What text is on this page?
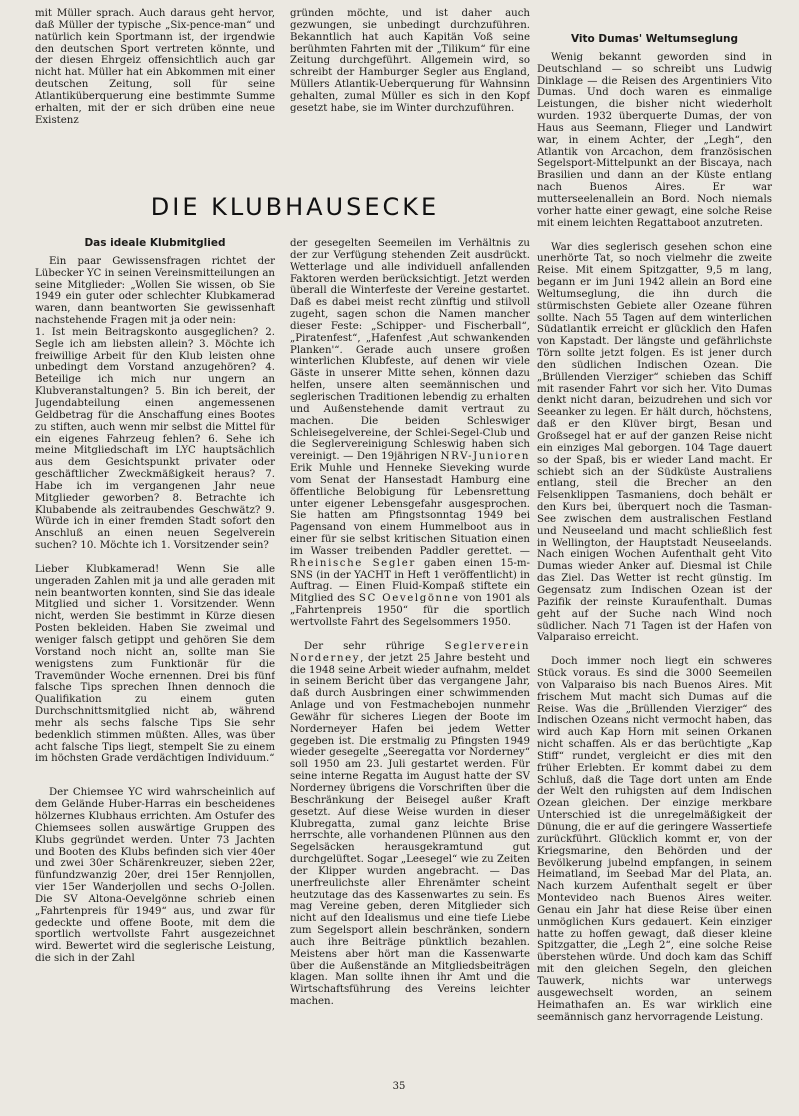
mit Müller sprach. Auch daraus geht hervor, daß Müller der typische „Six-pence-man“ und natürlich kein Sportmann ist, der irgendwie den deutschen Sport vertreten könnte, und der diesen Ehrgeiz offensichtlich auch gar nicht hat. Müller hat ein Abkommen mit einer deutschen Zeitung, soll für seine Atlantiküberquerung eine bestimmte Summe erhalten, mit der er sich drüben eine neue Existenz

gründen möchte, und ist daher auch gezwungen, sie unbedingt durchzuführen. Bekanntlich hat auch Kapitän Voß seine berühmten Fahrten mit der „Tilikum“ für eine Zeitung durchgeführt. Allgemein wird, so schreibt der Hamburger Segler aus England, Müllers Atlantik-Ueberquerung für Wahnsinn gehalten, zumal Müller es sich in den Kopf gesetzt habe, sie im Winter durchzuführen.

DIE KLUBHAUSECKE
Das ideale Klubmitglied

Ein paar Gewissensfragen richtet der Lübecker YC in seinen Vereinsmitteilungen an seine Mitglieder: „Wollen Sie wissen, ob Sie 1949 ein guter oder schlechter Klubkamerad waren, dann beantworten Sie gewissenhaft nachstehende Fragen mit ja oder nein:

1. Ist mein Beitragskonto ausgeglichen? 2. Segle ich am liebsten allein? 3. Möchte ich freiwillige Arbeit für den Klub leisten ohne unbedingt dem Vorstand anzugehören? 4. Beteilige ich mich nur ungern an Klubveranstaltungen? 5. Bin ich bereit, der Jugendabteilung einen angemessenen Geldbetrag für die Anschaffung eines Bootes zu stiften, auch wenn mir selbst die Mittel für ein eigenes Fahrzeug fehlen? 6. Sehe ich meine Mitgliedschaft im LYC hauptsächlich aus dem Gesichtspunkt privater oder geschäftlicher Zweckmäßigkeit heraus? 7. Habe ich im vergangenen Jahr neue Mitglieder geworben? 8. Betrachte ich Klubabende als zeitraubendes Geschwätz? 9. Würde ich in einer fremden Stadt sofort den Anschluß an einen neuen Segelverein suchen? 10. Möchte ich 1. Vorsitzender sein?

Lieber Klubkamerad! Wenn Sie alle ungeraden Zahlen mit ja und alle geraden mit nein beantworten konnten, sind Sie das ideale Mitglied und sicher 1. Vorsitzender. Wenn nicht, werden Sie bestimmt in Kürze diesen Posten bekleiden. Haben Sie zweimal und weniger falsch getippt und gehören Sie dem Vorstand noch nicht an, sollte man Sie wenigstens zum Funktionär für die Travemünder Woche ernennen. Drei bis fünf falsche Tips sprechen Ihnen dennoch die Qualifikation zu einem guten Durchschnittsmitglied nicht ab, während mehr als sechs falsche Tips Sie sehr bedenklich stimmen müßten. Alles, was über acht falsche Tips liegt, stempelt Sie zu einem im höchsten Grade verdächtigen Individuum.“

Der Chiemsee YC wird wahrscheinlich auf dem Gelände Huber-Harras ein bescheidenes hölzernes Klubhaus errichten. Am Ostufer des Chiemsees sollen auswärtige Gruppen des Klubs gegründet werden. Unter 73 Jachten und Booten des Klubs befinden sich vier 40er und zwei 30er Schärenkreuzer, sieben 22er, fünfundzwanzig 20er, drei 15er Rennjollen, vier 15er Wanderjollen und sechs O-Jollen. Die SV Altona-Oevelgönne schrieb einen „Fahrtenpreis für 1949“ aus, und zwar für gedeckte und offene Boote, mit dem die sportlich wertvollste Fahrt ausgezeichnet wird. Bewertet wird die seglerische Leistung, die sich in der Zahl

der gesegelten Seemeilen im Verhältnis zu der zur Verfügung stehenden Zeit ausdrückt. Wetterlage und alle individuell anfallenden Faktoren werden berücksichtigt. Jetzt werden überall die Winterfeste der Vereine gestartet. Daß es dabei meist recht zünftig und stilvoll zugeht, sagen schon die Namen mancher dieser Feste: „Schipper- und Fischerball“, „Piratenfest“, „Hafenfest ,Aut schwankenden Planken'“. Gerade auch unsere großen winterlichen Klubfeste, auf denen wir viele Gäste in unserer Mitte sehen, können dazu helfen, unsere alten seemännischen und seglerischen Traditionen lebendig zu erhalten und Außenstehende damit vertraut zu machen. Die beiden Schleswiger Schleisegelvereine, der Schlei-Segel-Club und die Seglervereinigung Schleswig haben sich vereinigt. — Den 19jährigen NRV-Junioren Erik Muhle und Henneke Sieveking wurde vom Senat der Hansestadt Hamburg eine öffentliche Belobigung für Lebensrettung unter eigener Lebensgefahr ausgesprochen. Sie hatten am Pfingstsonntag 1949 bei Pagensand von einem Hummelboot aus in einer für sie selbst kritischen Situation einen im Wasser treibenden Paddler gerettet. — Rheinische Segler gaben einen 15-m-SNS (in der YACHT in Heft 1 veröffentlicht) in Auftrag. — Einen Fluid-Kompaß stiftete ein Mitglied des SC Oevelgönne von 1901 als „Fahrtenpreis 1950“ für die sportlich wertvollste Fahrt des Segelsommers 1950.

Der sehr rührige Seglerverein Norderney, der jetzt 25 Jahre besteht und die 1948 seine Arbeit wieder aufnahm, meldet in seinem Bericht über das vergangene Jahr, daß durch Ausbringen einer schwimmenden Anlage und von Festmachebojen nunmehr Gewähr für sicheres Liegen der Boote im Norderneyer Hafen bei jedem Wetter gegeben ist. Die erstmalig zu Pfingsten 1949 wieder gesegelte „Seeregatta vor Norderney“ soll 1950 am 23. Juli gestartet werden. Für seine interne Regatta im August hatte der SV Norderney übrigens die Vorschriften über die Beschränkung der Beisegel außer Kraft gesetzt. Auf diese Weise wurden in dieser Klubregatta, zumal ganz leichte Brise herrschte, alle vorhandenen Plünnen aus den Segelsäcken herausgekramtund gut durchgelüftet. Sogar „Leesegel“ wie zu Zeiten der Klipper wurden angebracht. — Das unerfreulichste aller Ehrenämter scheint heutzutage das des Kassenwartes zu sein. Es mag Vereine geben, deren Mitglieder sich nicht auf den Idealismus und eine tiefe Liebe zum Segelsport allein beschränken, sondern auch ihre Beiträge pünktlich bezahlen. Meistens aber hört man die Kassenwarte über die Außenstände an Mitgliedsbeiträgen klagen. Man sollte ihnen ihr Amt und die Wirtschaftsführung des Vereins leichter machen.

Vito Dumas' Weltumseglung

Wenig bekannt geworden sind in Deutschland — so schreibt uns Ludwig Dinklage — die Reisen des Argentiniers Vito Dumas. Und doch waren es einmalige Leistungen, die bisher nicht wiederholt wurden. 1932 überquerte Dumas, der von Haus aus Seemann, Flieger und Landwirt war, in einem Achter, der „Legh“, den Atlantik von Arcachon, dem französischen Segelsport-Mittelpunkt an der Biscaya, nach Brasilien und dann an der Küste entlang nach Buenos Aires. Er war mutterseelenallein an Bord. Noch niemals vorher hatte einer gewagt, eine solche Reise mit einem leichten Regattaboot anzutreten.

War dies seglerisch gesehen schon eine unerhörte Tat, so noch vielmehr die zweite Reise. Mit einem Spitzgatter, 9,5 m lang, begann er im Juni 1942 allein an Bord eine Weltumseglung, die ihn durch die stürmischsten Gebiete aller Ozeane führen sollte. Nach 55 Tagen auf dem winterlichen Südatlantik erreicht er glücklich den Hafen von Kapstadt. Der längste und gefährlichste Törn sollte jetzt folgen. Es ist jener durch den südlichen Indischen Ozean. Die „Brüllenden Vierziger“ schieben das Schiff mit rasender Fahrt vor sich her. Vito Dumas denkt nicht daran, beizudrehen und sich vor Seeanker zu legen. Er hält durch, höchstens, daß er den Klüver birgt, Besan und Großsegel hat er auf der ganzen Reise nicht ein einziges Mal geborgen. 104 Tage dauert so der Spaß, bis er wieder Land macht. Er schiebt sich an der Südküste Australiens entlang, steil die Brecher an den Felsenklippen Tasmaniens, doch behält er den Kurs bei, überquert noch die Tasman-See zwischen dem australischen Festland und Neuseeland und macht schließlich fest in Wellington, der Hauptstadt Neuseelands. Nach einigen Wochen Aufenthalt geht Vito Dumas wieder Anker auf. Diesmal ist Chile das Ziel. Das Wetter ist recht günstig. Im Gegensatz zum Indischen Ozean ist der Pazifik der reinste Kuraufenthalt. Dumas geht auf der Suche nach Wind noch südlicher. Nach 71 Tagen ist der Hafen von Valparaiso erreicht.

Doch immer noch liegt ein schweres Stück voraus. Es sind die 3000 Seemeilen von Valparaiso bis nach Buenos Aires. Mit frischem Mut macht sich Dumas auf die Reise. Was die „Brüllenden Vierziger“ des Indischen Ozeans nicht vermocht haben, das wird auch Kap Horn mit seinen Orkanen nicht schaffen. Als er das berüchtigte „Kap Stiff“ rundet, vergleicht er dies mit den früher Erlebten. Er kommt dabei zu dem Schluß, daß die Tage dort unten am Ende der Welt den ruhigsten auf dem Indischen Ozean gleichen. Der einzige merkbare Unterschied ist die unregelmäßigkeit der Dünung, die er auf die geringere Wassertiefe zurückführt. Glücklich kommt er, von der Kriegsmarine, den Behörden und der Bevölkerung jubelnd empfangen, in seinem Heimatland, im Seebad Mar del Plata, an. Nach kurzem Aufenthalt segelt er über Montevideo nach Buenos Aires weiter. Genau ein Jahr hat diese Reise über einen unmöglichen Kurs gedauert. Kein einziger hatte zu hoffen gewagt, daß dieser kleine Spitzgatter, die „Legh 2“, eine solche Reise überstehen würde. Und doch kam das Schiff mit den gleichen Segeln, den gleichen Tauwerk, nichts war unterwegs ausgewechselt worden, an seinem Heimathafen an. Es war wirklich eine seemännisch ganz hervorragende Leistung.

35
